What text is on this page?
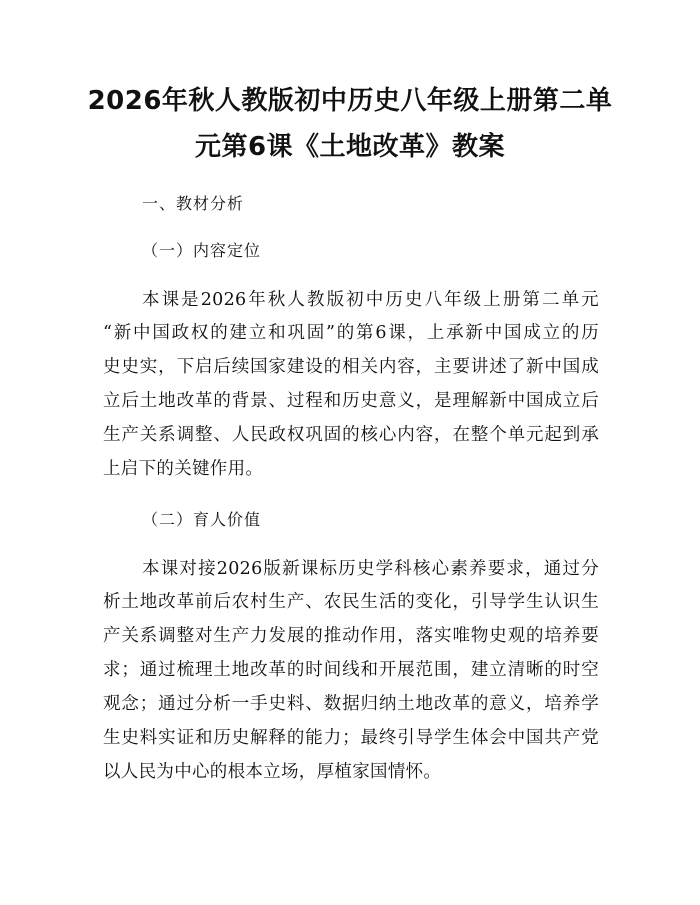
2026年秋人教版初中历史八年级上册第二单
元第6课《土地改革》教案
一、教材分析
（一）内容定位
本课是2026年秋人教版初中历史八年级上册第二单元
“新中国政权的建立和巩固”的第6课，上承新中国成立的历
史史实，下启后续国家建设的相关内容，主要讲述了新中国成
立后土地改革的背景、过程和历史意义，是理解新中国成立后
生产关系调整、人民政权巩固的核心内容，在整个单元起到承
上启下的关键作用。
（二）育人价值
本课对接2026版新课标历史学科核心素养要求，通过分
析土地改革前后农村生产、农民生活的变化，引导学生认识生
产关系调整对生产力发展的推动作用，落实唯物史观的培养要
求；通过梳理土地改革的时间线和开展范围，建立清晰的时空
观念；通过分析一手史料、数据归纳土地改革的意义，培养学
生史料实证和历史解释的能力；最终引导学生体会中国共产党
以人民为中心的根本立场，厚植家国情怀。
